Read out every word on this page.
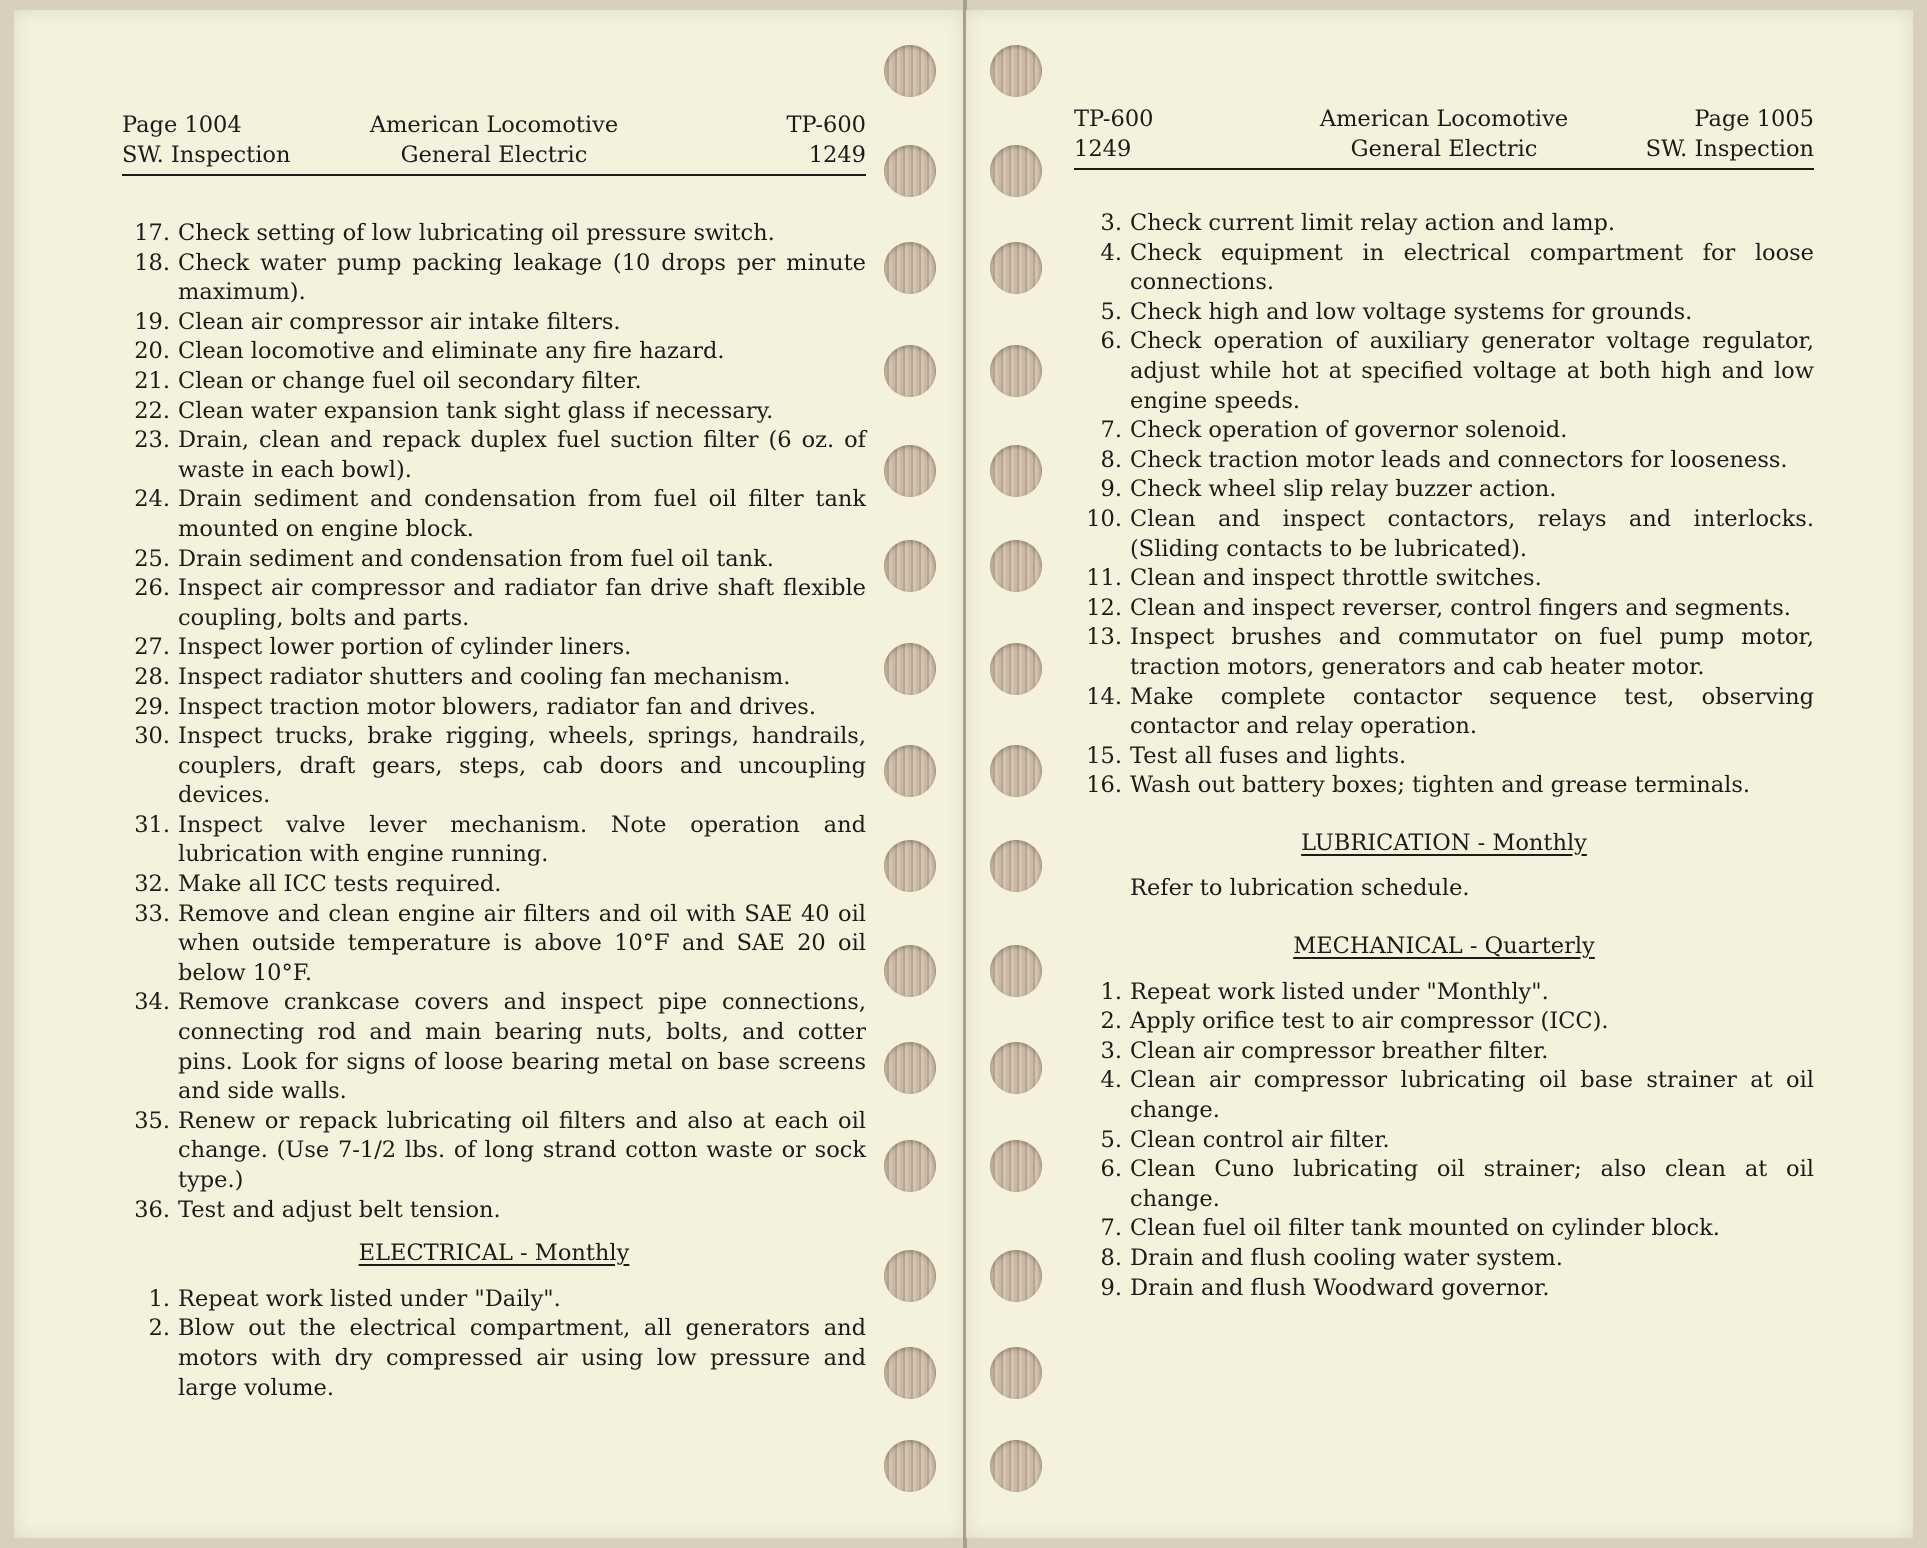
Page 1004	American Locomotive	TP-600
SW. Inspection	General Electric	1249
17. Check setting of low lubricating oil pressure switch.
18. Check water pump packing leakage (10 drops per minute maximum).
19. Clean air compressor air intake filters.
20. Clean locomotive and eliminate any fire hazard.
21. Clean or change fuel oil secondary filter.
22. Clean water expansion tank sight glass if necessary.
23. Drain, clean and repack duplex fuel suction filter (6 oz. of waste in each bowl).
24. Drain sediment and condensation from fuel oil filter tank mounted on engine block.
25. Drain sediment and condensation from fuel oil tank.
26. Inspect air compressor and radiator fan drive shaft flexible coupling, bolts and parts.
27. Inspect lower portion of cylinder liners.
28. Inspect radiator shutters and cooling fan mechanism.
29. Inspect traction motor blowers, radiator fan and drives.
30. Inspect trucks, brake rigging, wheels, springs, handrails, couplers, draft gears, steps, cab doors and uncoupling devices.
31. Inspect valve lever mechanism. Note operation and lubrication with engine running.
32. Make all ICC tests required.
33. Remove and clean engine air filters and oil with SAE 40 oil when outside temperature is above 10°F and SAE 20 oil below 10°F.
34. Remove crankcase covers and inspect pipe connections, connecting rod and main bearing nuts, bolts, and cotter pins. Look for signs of loose bearing metal on base screens and side walls.
35. Renew or repack lubricating oil filters and also at each oil change. (Use 7-1/2 lbs. of long strand cotton waste or sock type.)
36. Test and adjust belt tension.
ELECTRICAL - Monthly
1. Repeat work listed under "Daily".
2. Blow out the electrical compartment, all generators and motors with dry compressed air using low pressure and large volume.
TP-600	American Locomotive	Page 1005
1249	General Electric	SW. Inspection
3. Check current limit relay action and lamp.
4. Check equipment in electrical compartment for loose connections.
5. Check high and low voltage systems for grounds.
6. Check operation of auxiliary generator voltage regulator, adjust while hot at specified voltage at both high and low engine speeds.
7. Check operation of governor solenoid.
8. Check traction motor leads and connectors for looseness.
9. Check wheel slip relay buzzer action.
10. Clean and inspect contactors, relays and interlocks. (Sliding contacts to be lubricated).
11. Clean and inspect throttle switches.
12. Clean and inspect reverser, control fingers and segments.
13. Inspect brushes and commutator on fuel pump motor, traction motors, generators and cab heater motor.
14. Make complete contactor sequence test, observing contactor and relay operation.
15. Test all fuses and lights.
16. Wash out battery boxes; tighten and grease terminals.
LUBRICATION - Monthly
Refer to lubrication schedule.
MECHANICAL - Quarterly
1. Repeat work listed under "Monthly".
2. Apply orifice test to air compressor (ICC).
3. Clean air compressor breather filter.
4. Clean air compressor lubricating oil base strainer at oil change.
5. Clean control air filter.
6. Clean Cuno lubricating oil strainer; also clean at oil change.
7. Clean fuel oil filter tank mounted on cylinder block.
8. Drain and flush cooling water system.
9. Drain and flush Woodward governor.
